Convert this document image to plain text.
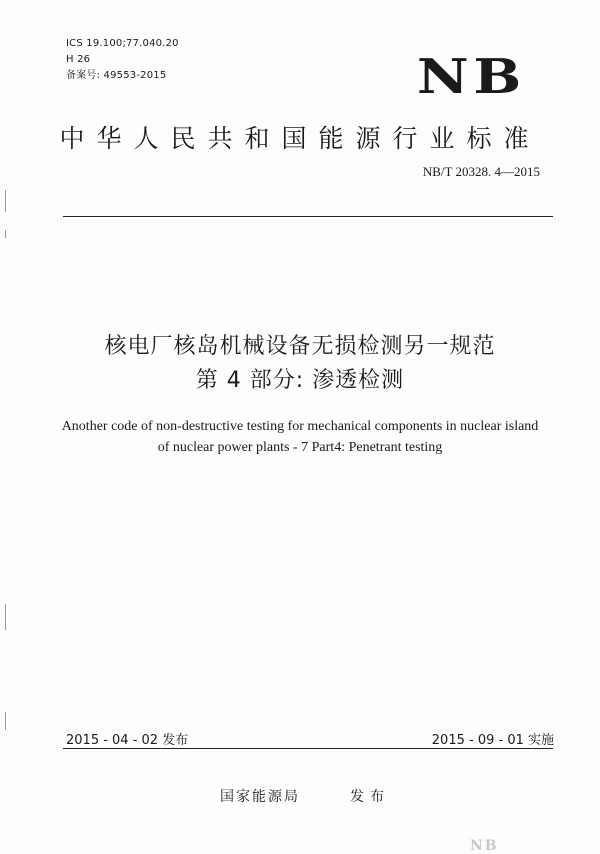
ICS 19.100;77.040.20
H 26
备案号: 49553-2015	NB
中华人民共和国能源行业标准
NB/T 20328. 4—2015
核电厂核岛机械设备无损检测另一规范
第 4 部分: 渗透检测
Another code of non-destructive testing for mechanical components in nuclear island
of nuclear power plants - 7 Part4: Penetrant testing
2015 - 04 - 02 发布	2015 - 09 - 01 实施
国家能源局	发布
NB
